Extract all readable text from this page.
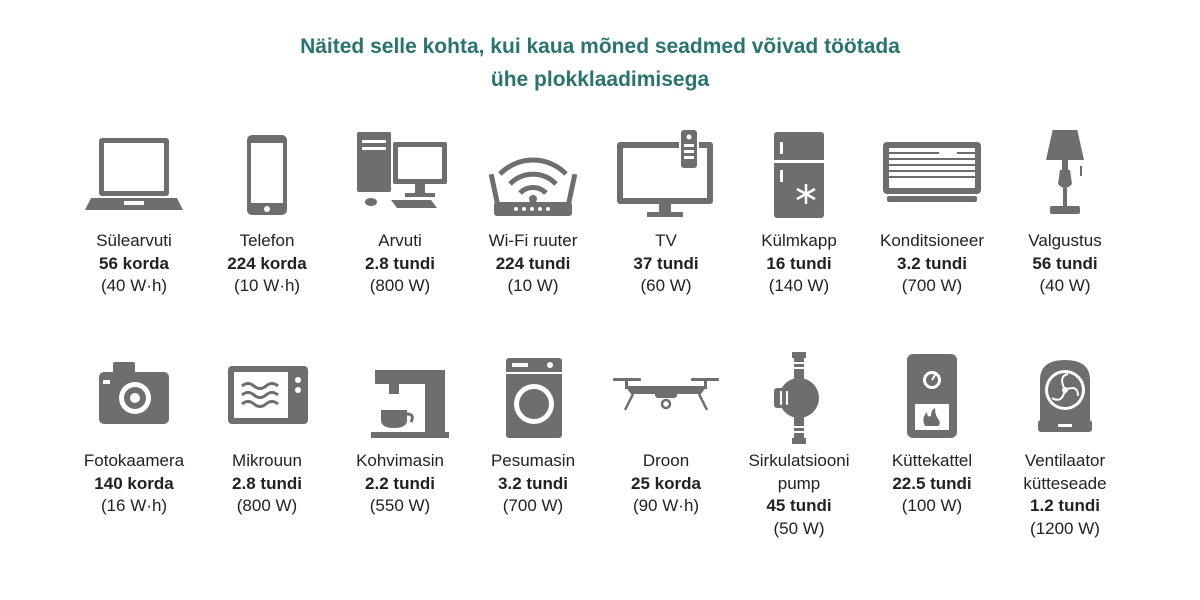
Näited selle kohta, kui kaua mõned seadmed võivad töötada
ühe plokklaadimisega
Sülearvuti
56 korda
(40 W·h)
Telefon
224 korda
(10 W·h)
Arvuti
2.8 tundi
(800 W)
Wi-Fi ruuter
224 tundi
(10 W)
TV
37 tundi
(60 W)
Külmkapp
16 tundi
(140 W)
Konditsioneer
3.2 tundi
(700 W)
Valgustus
56 tundi
(40 W)
Fotokaamera
140 korda
(16 W·h)
Mikrouun
2.8 tundi
(800 W)
Kohvimasin
2.2 tundi
(550 W)
Pesumasin
3.2 tundi
(700 W)
Droon
25 korda
(90 W·h)
Sirkulatsiooni
pump
45 tundi
(50 W)
Küttekattel
22.5 tundi
(100 W)
Ventilaator
kütteseade
1.2 tundi
(1200 W)
